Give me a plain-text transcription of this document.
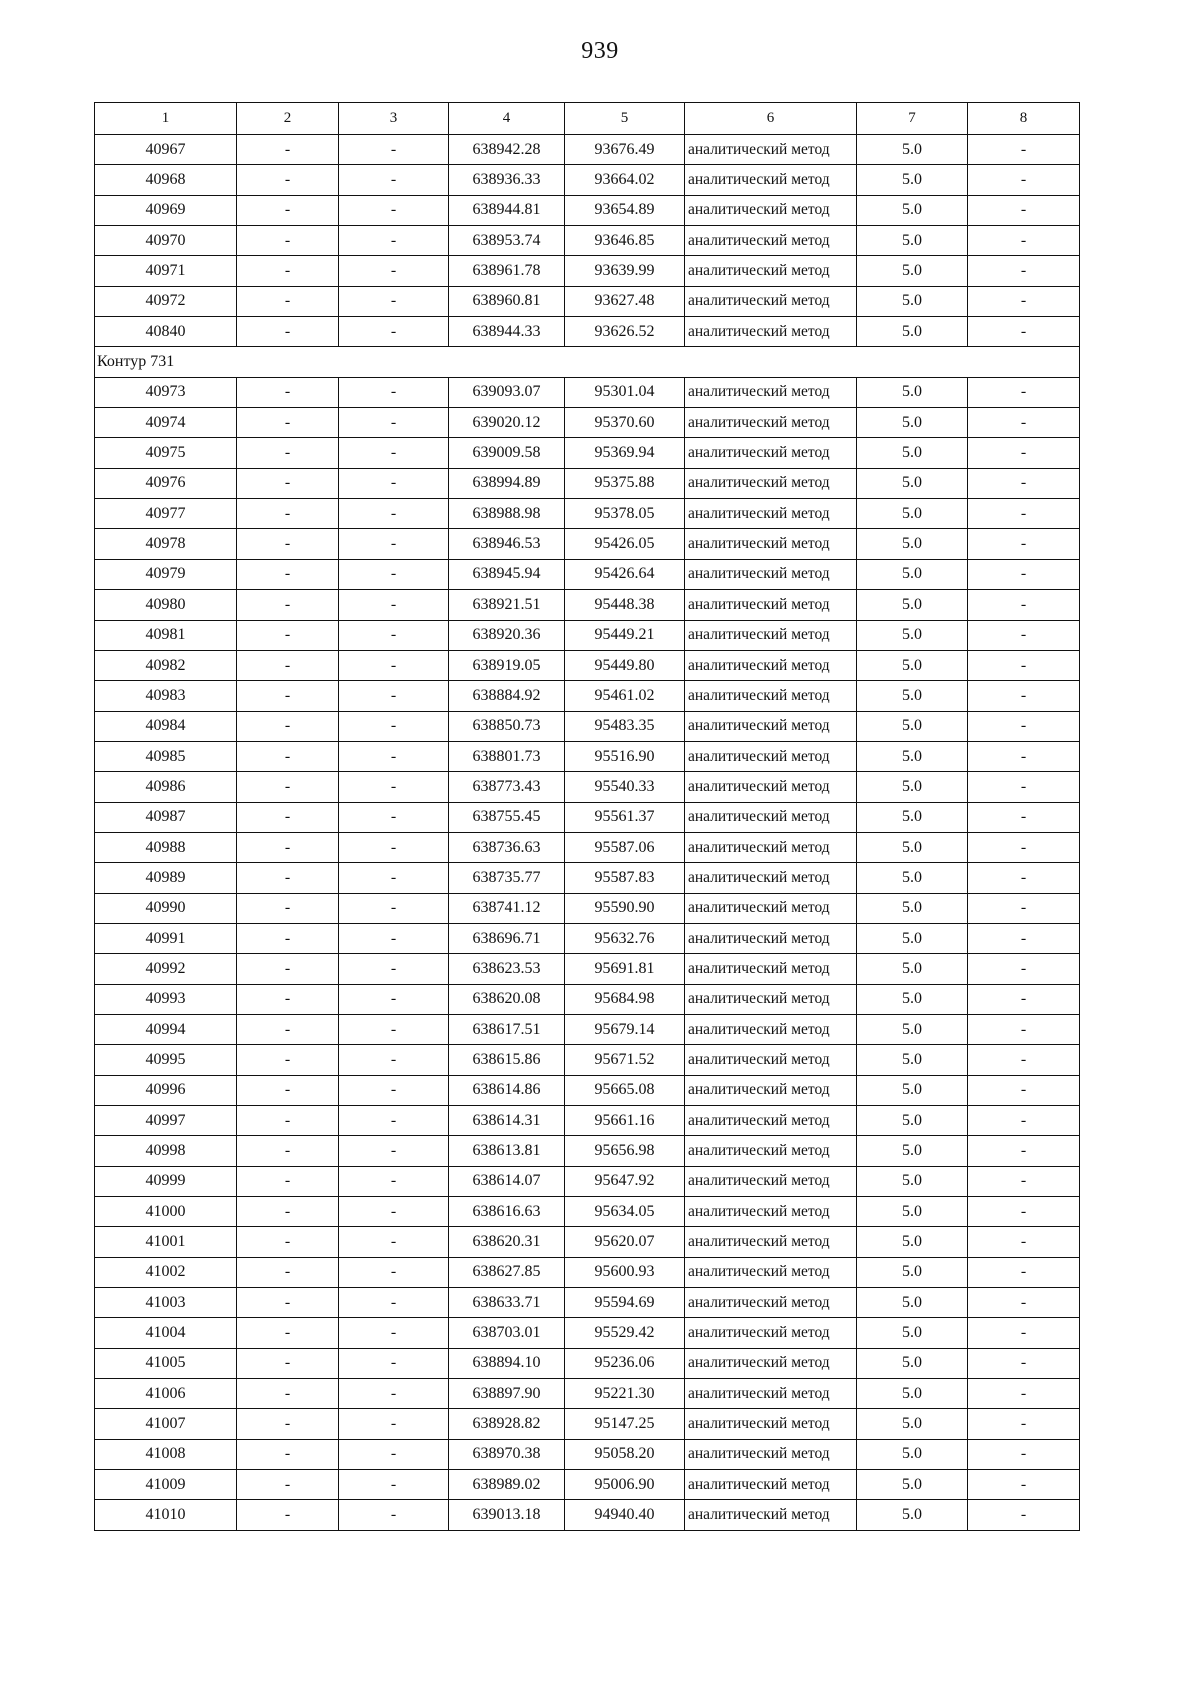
939
1	2	3	4	5	6	7	8
40967	-	-	638942.28	93676.49	аналитический метод	5.0	-
40968	-	-	638936.33	93664.02	аналитический метод	5.0	-
40969	-	-	638944.81	93654.89	аналитический метод	5.0	-
40970	-	-	638953.74	93646.85	аналитический метод	5.0	-
40971	-	-	638961.78	93639.99	аналитический метод	5.0	-
40972	-	-	638960.81	93627.48	аналитический метод	5.0	-
40840	-	-	638944.33	93626.52	аналитический метод	5.0	-
Контур 731							
40973	-	-	639093.07	95301.04	аналитический метод	5.0	-
40974	-	-	639020.12	95370.60	аналитический метод	5.0	-
40975	-	-	639009.58	95369.94	аналитический метод	5.0	-
40976	-	-	638994.89	95375.88	аналитический метод	5.0	-
40977	-	-	638988.98	95378.05	аналитический метод	5.0	-
40978	-	-	638946.53	95426.05	аналитический метод	5.0	-
40979	-	-	638945.94	95426.64	аналитический метод	5.0	-
40980	-	-	638921.51	95448.38	аналитический метод	5.0	-
40981	-	-	638920.36	95449.21	аналитический метод	5.0	-
40982	-	-	638919.05	95449.80	аналитический метод	5.0	-
40983	-	-	638884.92	95461.02	аналитический метод	5.0	-
40984	-	-	638850.73	95483.35	аналитический метод	5.0	-
40985	-	-	638801.73	95516.90	аналитический метод	5.0	-
40986	-	-	638773.43	95540.33	аналитический метод	5.0	-
40987	-	-	638755.45	95561.37	аналитический метод	5.0	-
40988	-	-	638736.63	95587.06	аналитический метод	5.0	-
40989	-	-	638735.77	95587.83	аналитический метод	5.0	-
40990	-	-	638741.12	95590.90	аналитический метод	5.0	-
40991	-	-	638696.71	95632.76	аналитический метод	5.0	-
40992	-	-	638623.53	95691.81	аналитический метод	5.0	-
40993	-	-	638620.08	95684.98	аналитический метод	5.0	-
40994	-	-	638617.51	95679.14	аналитический метод	5.0	-
40995	-	-	638615.86	95671.52	аналитический метод	5.0	-
40996	-	-	638614.86	95665.08	аналитический метод	5.0	-
40997	-	-	638614.31	95661.16	аналитический метод	5.0	-
40998	-	-	638613.81	95656.98	аналитический метод	5.0	-
40999	-	-	638614.07	95647.92	аналитический метод	5.0	-
41000	-	-	638616.63	95634.05	аналитический метод	5.0	-
41001	-	-	638620.31	95620.07	аналитический метод	5.0	-
41002	-	-	638627.85	95600.93	аналитический метод	5.0	-
41003	-	-	638633.71	95594.69	аналитический метод	5.0	-
41004	-	-	638703.01	95529.42	аналитический метод	5.0	-
41005	-	-	638894.10	95236.06	аналитический метод	5.0	-
41006	-	-	638897.90	95221.30	аналитический метод	5.0	-
41007	-	-	638928.82	95147.25	аналитический метод	5.0	-
41008	-	-	638970.38	95058.20	аналитический метод	5.0	-
41009	-	-	638989.02	95006.90	аналитический метод	5.0	-
41010	-	-	639013.18	94940.40	аналитический метод	5.0	-
